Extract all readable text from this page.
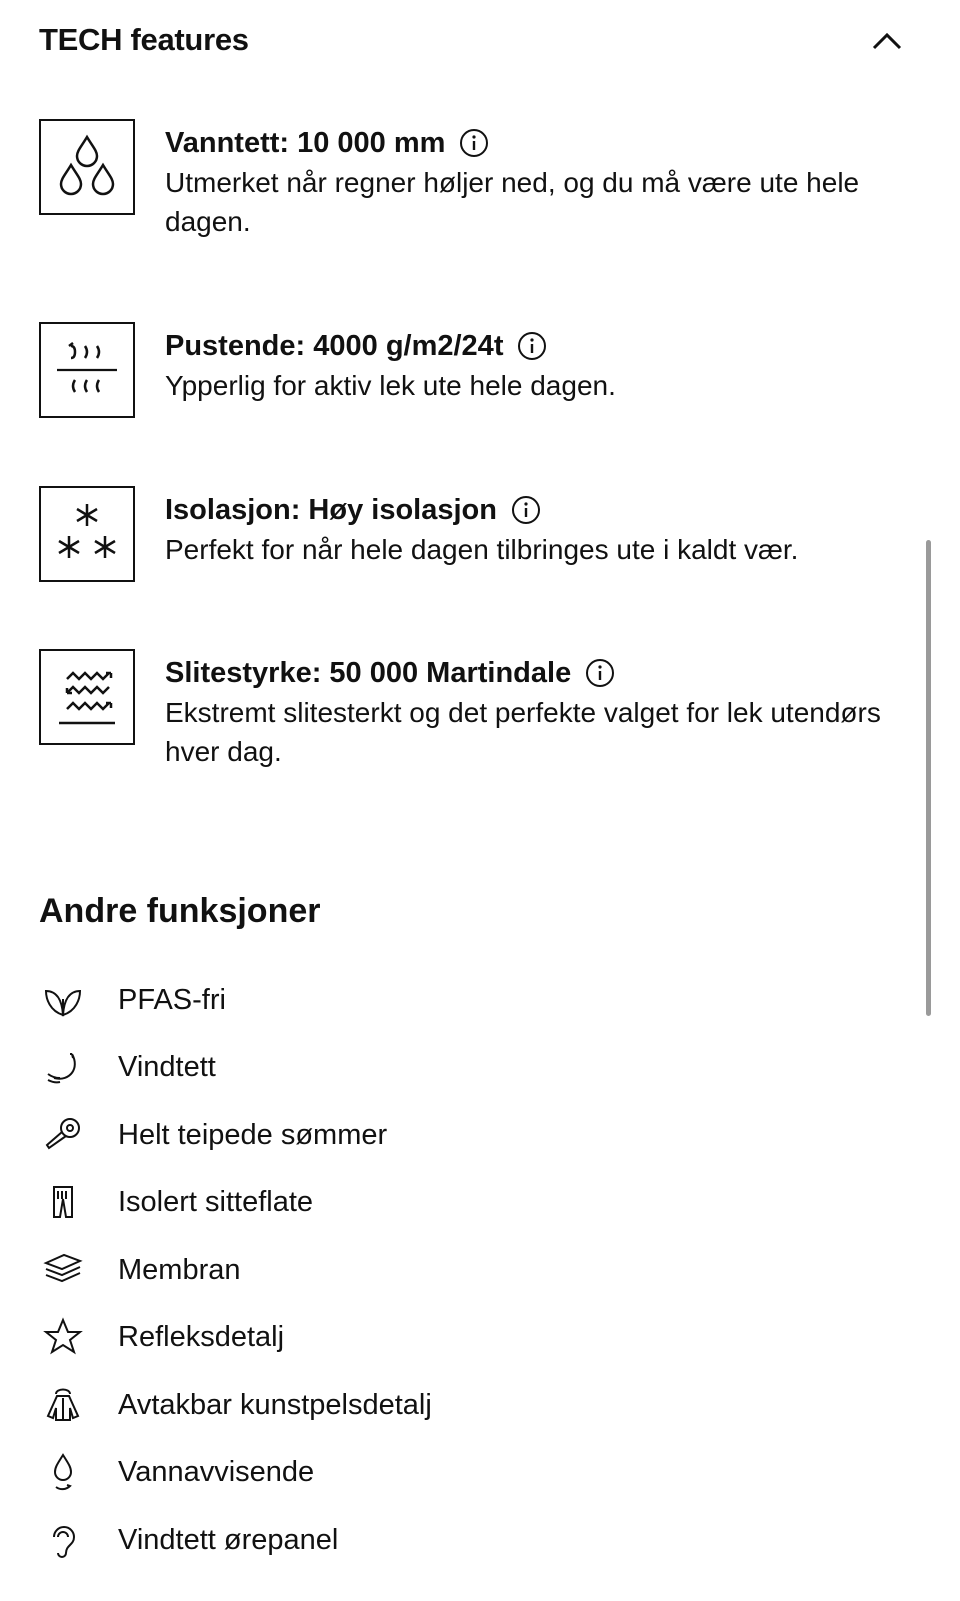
TECH features
Vanntett: 10 000 mm
Utmerket når regner høljer ned, og du må være ute hele dagen.
Pustende: 4000 g/m2/24t
Ypperlig for aktiv lek ute hele dagen.
Isolasjon: Høy isolasjon
Perfekt for når hele dagen tilbringes ute i kaldt vær.
Slitestyrke: 50 000 Martindale
Ekstremt slitesterkt og det perfekte valget for lek utendørs hver dag.
Andre funksjoner
PFAS-fri
Vindtett
Helt teipede sømmer
Isolert sitteflate
Membran
Refleksdetalj
Avtakbar kunstpelsdetalj
Vannavvisende
Vindtett ørepanel
